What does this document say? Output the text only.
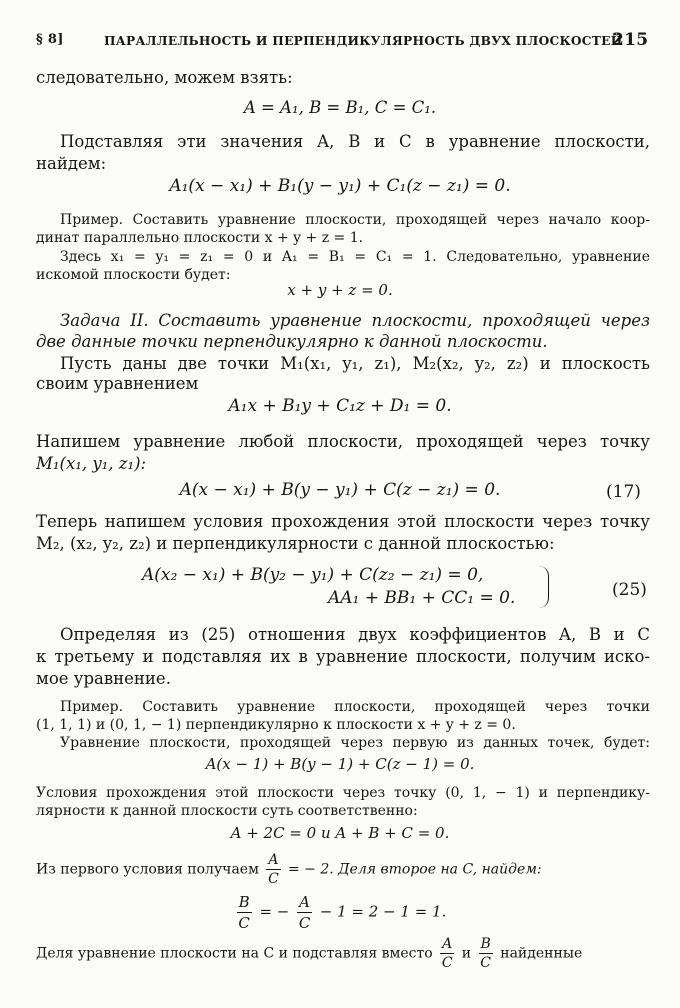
§ 8]	ПАРАЛЛЕЛЬНОСТЬ И ПЕРПЕНДИКУЛЯРНОСТЬ ДВУХ ПЛОСКОСТЕЙ
215
следовательно, можем взять:
A = A₁, B = B₁, C = C₁.
Подставляя эти значения A, B и C в уравнение плоскости,
найдем:
A₁(x − x₁) + B₁(y − y₁) + C₁(z − z₁) = 0.
Пример. Составить уравнение плоскости, проходящей через начало коор-
динат параллельно плоскости x + y + z = 1.
Здесь x₁ = y₁ = z₁ = 0 и A₁ = B₁ = C₁ = 1. Следовательно, уравнение
искомой плоскости будет:
x + y + z = 0.
Задача II. Составить уравнение плоскости, проходящей через
две данные точки перпендикулярно к данной плоскости.
Пусть даны две точки M₁(x₁, y₁, z₁), M₂(x₂, y₂, z₂) и плоскость
своим уравнением
A₁x + B₁y + C₁z + D₁ = 0.
Напишем уравнение любой плоскости, проходящей через точку
M₁(x₁, y₁, z₁):
A(x − x₁) + B(y − y₁) + C(z − z₁) = 0.	(17)
Теперь напишем условия прохождения этой плоскости через точку
M₂, (x₂, y₂, z₂) и перпендикулярности с данной плоскостью:
A(x₂ − x₁) + B(y₂ − y₁) + C(z₂ − z₁) = 0,
AA₁ + BB₁ + CC₁ = 0.	(25)
Определяя из (25) отношения двух коэффициентов A, B и C
к третьему и подставляя их в уравнение плоскости, получим иско-
мое уравнение.
Пример. Составить уравнение плоскости, проходящей через точки
(1, 1, 1) и (0, 1, − 1) перпендикулярно к плоскости x + y + z = 0.
Уравнение плоскости, проходящей через первую из данных точек, будет:
A(x − 1) + B(y − 1) + C(z − 1) = 0.
Условия прохождения этой плоскости через точку (0, 1, − 1) и перпендику-
лярности к данной плоскости суть соответственно:
A + 2C = 0 и A + B + C = 0.
Из первого условия получаем $\frac{A}{C}$ = − 2. Деля второе на C, найдем:
$\frac{B}{C}$ = − $\frac{A}{C} - 1 = 2 - 1 = 1$.
Деля уравнение плоскости на C и подставляя вместо $\frac{A}{C}$ и $\frac{B}{C}$ найденные
